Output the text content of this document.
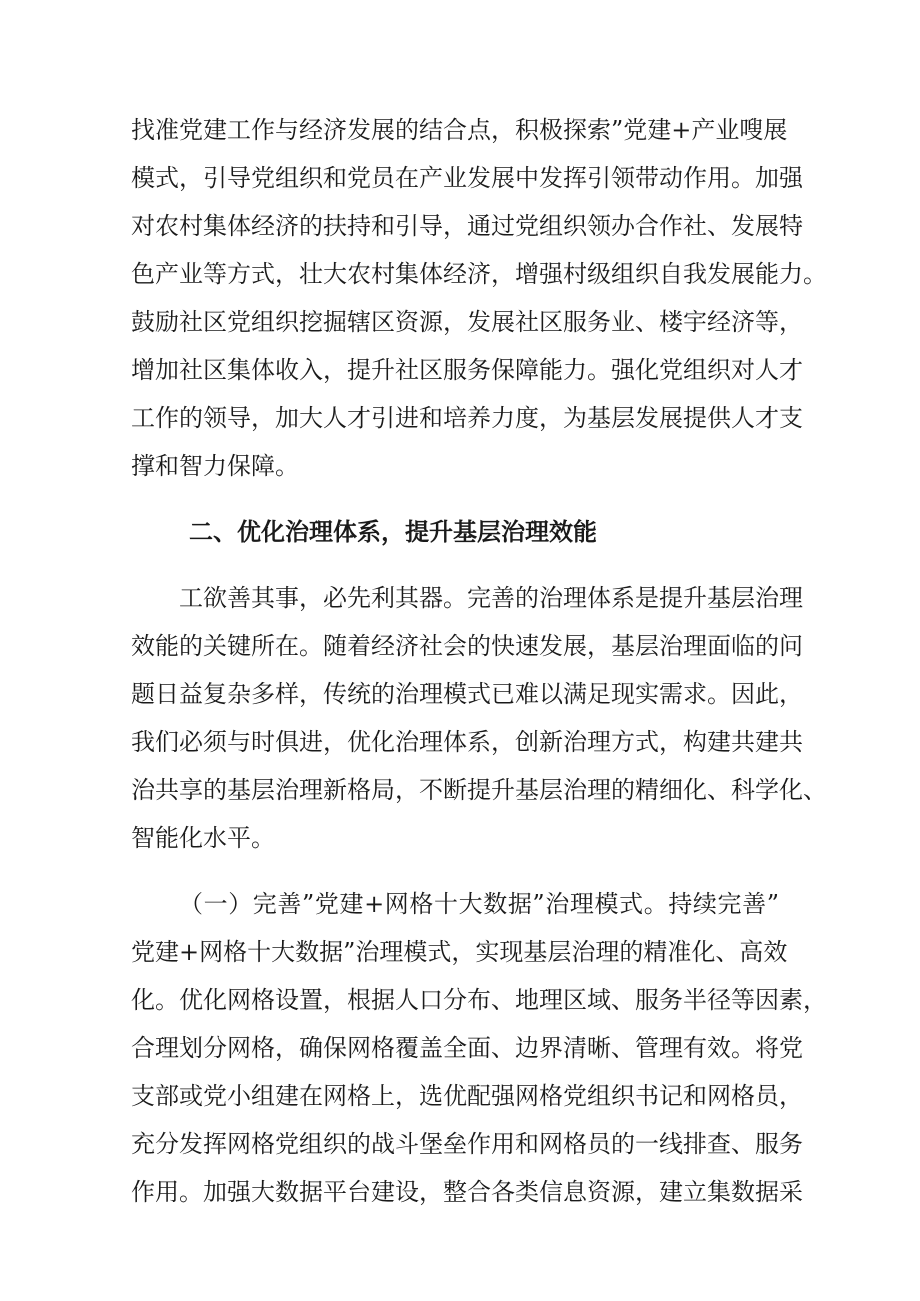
找准党建工作与经济发展的结合点，积极探索”党建+产业嗖展
模式，引导党组织和党员在产业发展中发挥引领带动作用。加强
对农村集体经济的扶持和引导，通过党组织领办合作社、发展特
色产业等方式，壮大农村集体经济，增强村级组织自我发展能力。
鼓励社区党组织挖掘辖区资源，发展社区服务业、楼宇经济等，
增加社区集体收入，提升社区服务保障能力。强化党组织对人才
工作的领导，加大人才引进和培养力度，为基层发展提供人才支
撑和智力保障。
二、优化治理体系，提升基层治理效能
工欲善其事，必先利其器。完善的治理体系是提升基层治理
效能的关键所在。随着经济社会的快速发展，基层治理面临的问
题日益复杂多样，传统的治理模式已难以满足现实需求。因此，
我们必须与时俱进，优化治理体系，创新治理方式，构建共建共
治共享的基层治理新格局，不断提升基层治理的精细化、科学化、
智能化水平。
（一）完善”党建+网格十大数据”治理模式。持续完善”
党建+网格十大数据”治理模式，实现基层治理的精准化、高效
化。优化网格设置，根据人口分布、地理区域、服务半径等因素，
合理划分网格，确保网格覆盖全面、边界清晰、管理有效。将党
支部或党小组建在网格上，选优配强网格党组织书记和网格员，
充分发挥网格党组织的战斗堡垒作用和网格员的一线排查、服务
作用。加强大数据平台建设，整合各类信息资源，建立集数据采
